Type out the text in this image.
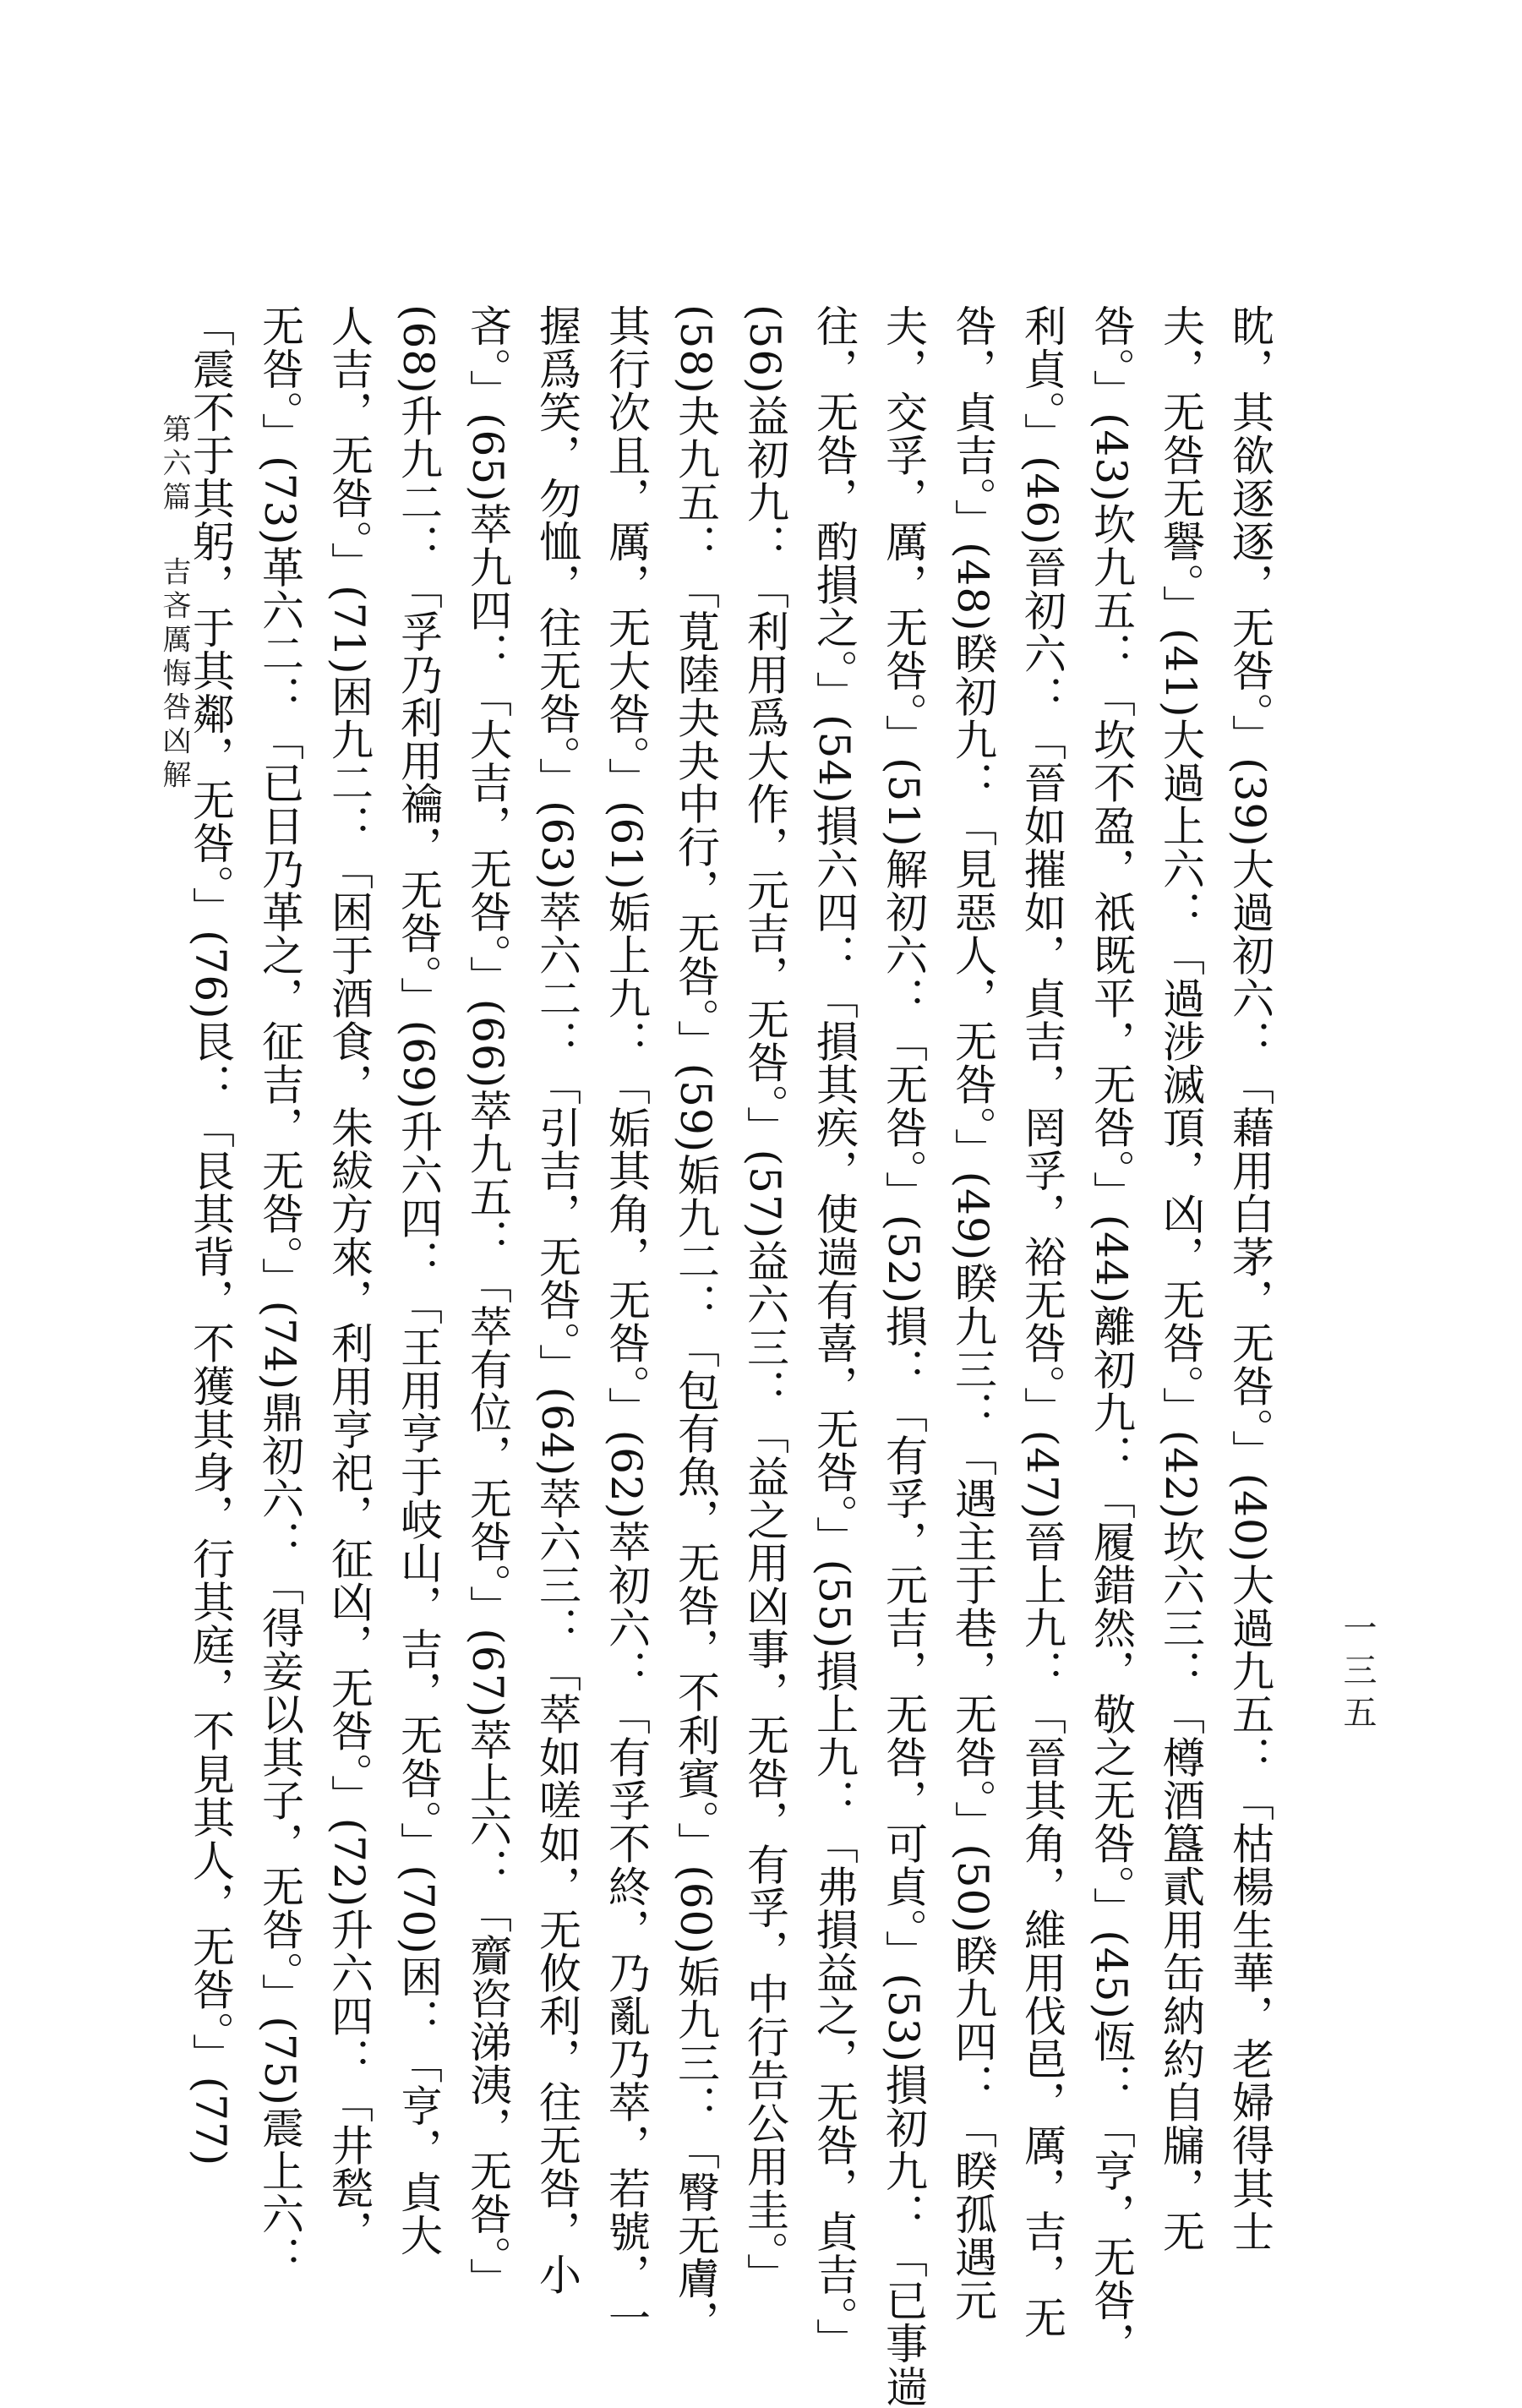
眈，其欲逐逐，无咎。」(39)大過初六：「藉用白茅，无咎。」(40)大過九五：「枯楊生華，老婦得其士
夫，无咎无譽。」(41)大過上六：「過涉滅頂，凶，无咎。」(42)坎六三：「樽酒簋貳用缶納約自牖，无
咎。」(43)坎九五：「坎不盈，祇既平，无咎。」(44)離初九：「履錯然，敬之无咎。」(45)恆：「亨，无咎，
利貞。」(46)晉初六：「晉如摧如，貞吉，罔孚，裕无咎。」(47)晉上九：「晉其角，維用伐邑，厲，吉，无
咎，貞吉。」(48)睽初九：「見惡人，无咎。」(49)睽九三：「遇主于巷，无咎。」(50)睽九四：「睽孤遇元
夫，交孚，厲，无咎。」(51)解初六：「无咎。」(52)損：「有孚，元吉，无咎，可貞。」(53)損初九：「已事遄
往，无咎，酌損之。」(54)損六四：「損其疾，使遄有喜，无咎。」(55)損上九：「弗損益之，无咎，貞吉。」
(56)益初九：「利用爲大作，元吉，无咎。」(57)益六三：「益之用凶事，无咎，有孚，中行告公用圭。」
(58)夬九五：「莧陸夬夬中行，无咎。」(59)姤九二：「包有魚，无咎，不利賓。」(60)姤九三：「臀无膚，
其行次且，厲，无大咎。」(61)姤上九：「姤其角，无咎。」(62)萃初六：「有孚不終，乃亂乃萃，若號，一
握爲笑，勿恤，往无咎。」(63)萃六二：「引吉，无咎。」(64)萃六三：「萃如嗟如，无攸利，往无咎，小
吝。」(65)萃九四：「大吉，无咎。」(66)萃九五：「萃有位，无咎。」(67)萃上六：「齎咨涕洟，无咎。」
(68)升九二：「孚乃利用禴，无咎。」(69)升六四：「王用亨于岐山，吉，无咎。」(70)困：「亨，貞大
人吉，无咎。」(71)困九二：「困于酒食，朱紱方來，利用亨祀，征凶，无咎。」(72)升六四：「井甃，
无咎。」(73)革六二：「已日乃革之，征吉，无咎。」(74)鼎初六：「得妾以其子，无咎。」(75)震上六：
「震不于其躬，于其鄰，无咎。」(76)艮：「艮其背，不獲其身，行其庭，不見其人，无咎。」(77)
第六篇 吉吝厲悔咎凶解
一三五
